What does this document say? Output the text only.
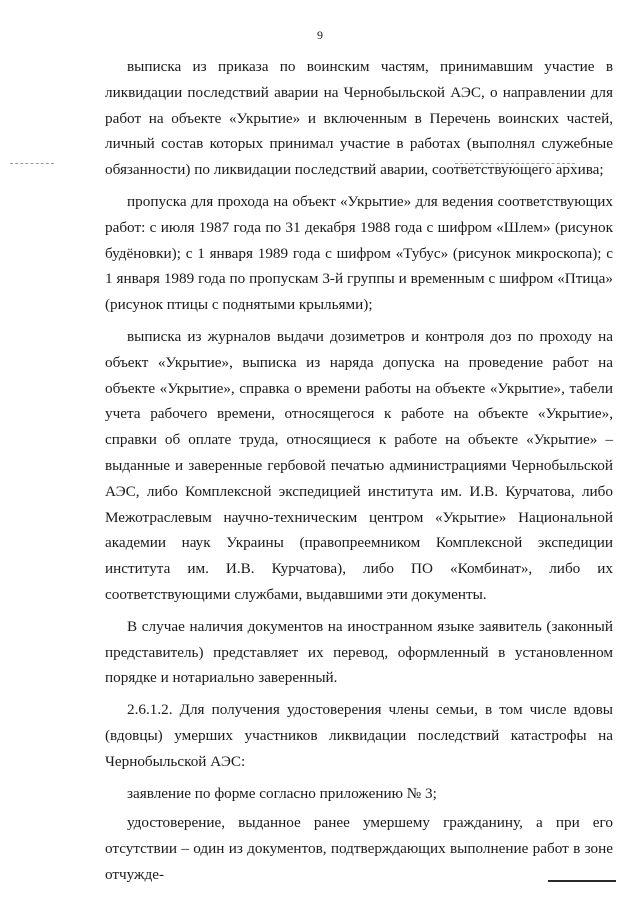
9

выписка из приказа по воинским частям, принимавшим участие в ликвидации последствий аварии на Чернобыльской АЭС, о направлении для работ на объекте «Укрытие» и включенным в Перечень воинских частей, личный состав которых принимал участие в работах (выполнял служебные обязанности) по ликвидации последствий аварии, соответствующего архива;

пропуска для прохода на объект «Укрытие» для ведения соответствующих работ: с июля 1987 года по 31 декабря 1988 года с шифром «Шлем» (рисунок будёновки); с 1 января 1989 года с шифром «Тубус» (рисунок микроскопа); с 1 января 1989 года по пропускам 3-й группы и временным с шифром «Птица» (рисунок птицы с поднятыми крыльями);

выписка из журналов выдачи дозиметров и контроля доз по проходу на объект «Укрытие», выписка из наряда допуска на проведение работ на объекте «Укрытие», справка о времени работы на объекте «Укрытие», табели учета рабочего времени, относящегося к работе на объекте «Укрытие», справки об оплате труда, относящиеся к работе на объекте «Укрытие» – выданные и заверенные гербовой печатью администрациями Чернобыльской АЭС, либо Комплексной экспедицией института им. И.В. Курчатова, либо Межотраслевым научно-техническим центром «Укрытие» Национальной академии наук Украины (правопреемником Комплексной экспедиции института им. И.В. Курчатова), либо ПО «Комбинат», либо их соответствующими службами, выдавшими эти документы.

В случае наличия документов на иностранном языке заявитель (законный представитель) представляет их перевод, оформленный в установленном порядке и нотариально заверенный.

2.6.1.2. Для получения удостоверения члены семьи, в том числе вдовы (вдовцы) умерших участников ликвидации последствий катастрофы на Чернобыльской АЭС:

заявление по форме согласно приложению № 3;

удостоверение, выданное ранее умершему гражданину, а при его отсутствии – один из документов, подтверждающих выполнение работ в зоне отчужде-
